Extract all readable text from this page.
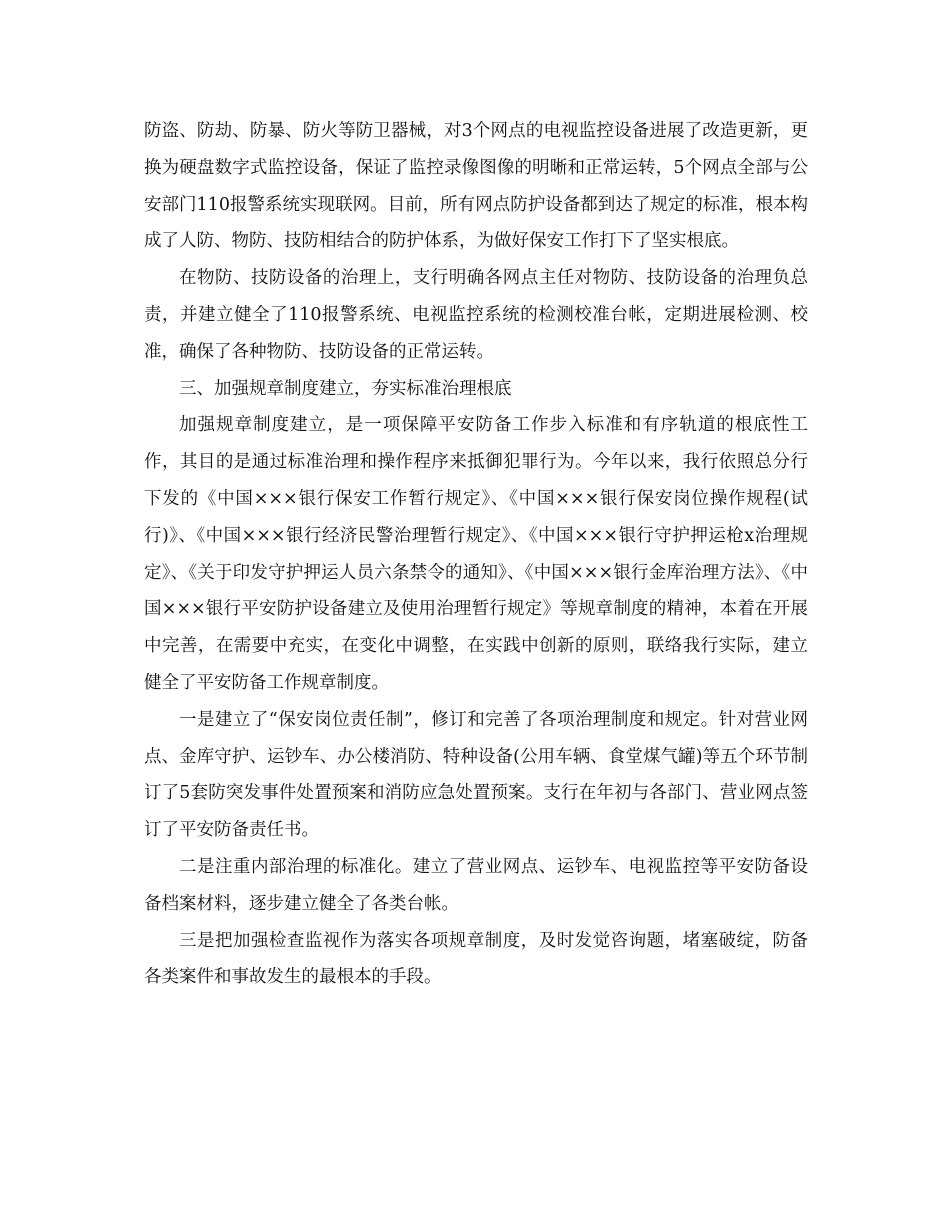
防盗、防劫、防暴、防火等防卫器械，对3个网点的电视监控设备进展了改造更新，更换为硬盘数字式监控设备，保证了监控录像图像的明晰和正常运转，5个网点全部与公安部门110报警系统实现联网。目前，所有网点防护设备都到达了规定的标准，根本构成了人防、物防、技防相结合的防护体系，为做好保安工作打下了坚实根底。

在物防、技防设备的治理上，支行明确各网点主任对物防、技防设备的治理负总责，并建立健全了110报警系统、电视监控系统的检测校准台帐，定期进展检测、校准，确保了各种物防、技防设备的正常运转。

三、加强规章制度建立，夯实标准治理根底

加强规章制度建立，是一项保障平安防备工作步入标准和有序轨道的根底性工作，其目的是通过标准治理和操作程序来抵御犯罪行为。今年以来，我行依照总分行下发的《中国×××银行保安工作暂行规定》、《中国×××银行保安岗位操作规程(试行)》、《中国×××银行经济民警治理暂行规定》、《中国×××银行守护押运枪x治理规定》、《关于印发守护押运人员六条禁令的通知》、《中国×××银行金库治理方法》、《中国×××银行平安防护设备建立及使用治理暂行规定》等规章制度的精神，本着在开展中完善，在需要中充实，在变化中调整，在实践中创新的原则，联络我行实际，建立健全了平安防备工作规章制度。

一是建立了“保安岗位责任制”，修订和完善了各项治理制度和规定。针对营业网点、金库守护、运钞车、办公楼消防、特种设备(公用车辆、食堂煤气罐)等五个环节制订了5套防突发事件处置预案和消防应急处置预案。支行在年初与各部门、营业网点签订了平安防备责任书。

二是注重内部治理的标准化。建立了营业网点、运钞车、电视监控等平安防备设备档案材料，逐步建立健全了各类台帐。

三是把加强检查监视作为落实各项规章制度，及时发觉咨询题，堵塞破绽，防备各类案件和事故发生的最根本的手段。
